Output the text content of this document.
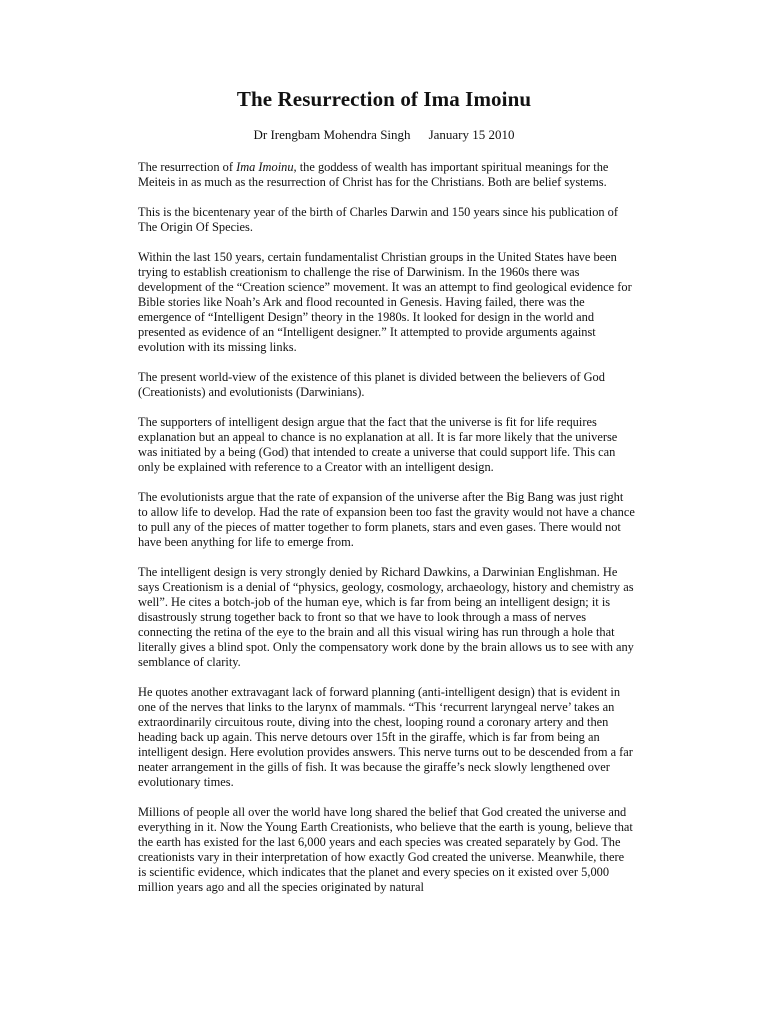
The Resurrection of Ima Imoinu
Dr Irengbam Mohendra Singh January 15 2010

The resurrection of Ima Imoinu, the goddess of wealth has important spiritual meanings for the Meiteis in as much as the resurrection of Christ has for the Christians. Both are belief systems.

This is the bicentenary year of the birth of Charles Darwin and 150 years since his publication of The Origin Of Species.

Within the last 150 years, certain fundamentalist Christian groups in the United States have been trying to establish creationism to challenge the rise of Darwinism. In the 1960s there was development of the “Creation science” movement. It was an attempt to find geological evidence for Bible stories like Noah’s Ark and flood recounted in Genesis. Having failed, there was the emergence of “Intelligent Design” theory in the 1980s. It looked for design in the world and presented as evidence of an “Intelligent designer.” It attempted to provide arguments against evolution with its missing links.

The present world-view of the existence of this planet is divided between the believers of God (Creationists) and evolutionists (Darwinians).

The supporters of intelligent design argue that the fact that the universe is fit for life requires explanation but an appeal to chance is no explanation at all. It is far more likely that the universe was initiated by a being (God) that intended to create a universe that could support life. This can only be explained with reference to a Creator with an intelligent design.

The evolutionists argue that the rate of expansion of the universe after the Big Bang was just right to allow life to develop. Had the rate of expansion been too fast the gravity would not have a chance to pull any of the pieces of matter together to form planets, stars and even gases. There would not have been anything for life to emerge from.

The intelligent design is very strongly denied by Richard Dawkins, a Darwinian Englishman. He says Creationism is a denial of “physics, geology, cosmology, archaeology, history and chemistry as well”. He cites a botch-job of the human eye, which is far from being an intelligent design; it is disastrously strung together back to front so that we have to look through a mass of nerves connecting the retina of the eye to the brain and all this visual wiring has run through a hole that literally gives a blind spot. Only the compensatory work done by the brain allows us to see with any semblance of clarity.

He quotes another extravagant lack of forward planning (anti-intelligent design) that is evident in one of the nerves that links to the larynx of mammals. “This ‘recurrent laryngeal nerve’ takes an extraordinarily circuitous route, diving into the chest, looping round a coronary artery and then heading back up again. This nerve detours over 15ft in the giraffe, which is far from being an intelligent design. Here evolution provides answers. This nerve turns out to be descended from a far neater arrangement in the gills of fish. It was because the giraffe’s neck slowly lengthened over evolutionary times.

Millions of people all over the world have long shared the belief that God created the universe and everything in it. Now the Young Earth Creationists, who believe that the earth is young, believe that the earth has existed for the last 6,000 years and each species was created separately by God. The creationists vary in their interpretation of how exactly God created the universe. Meanwhile, there is scientific evidence, which indicates that the planet and every species on it existed over 5,000 million years ago and all the species originated by natural
